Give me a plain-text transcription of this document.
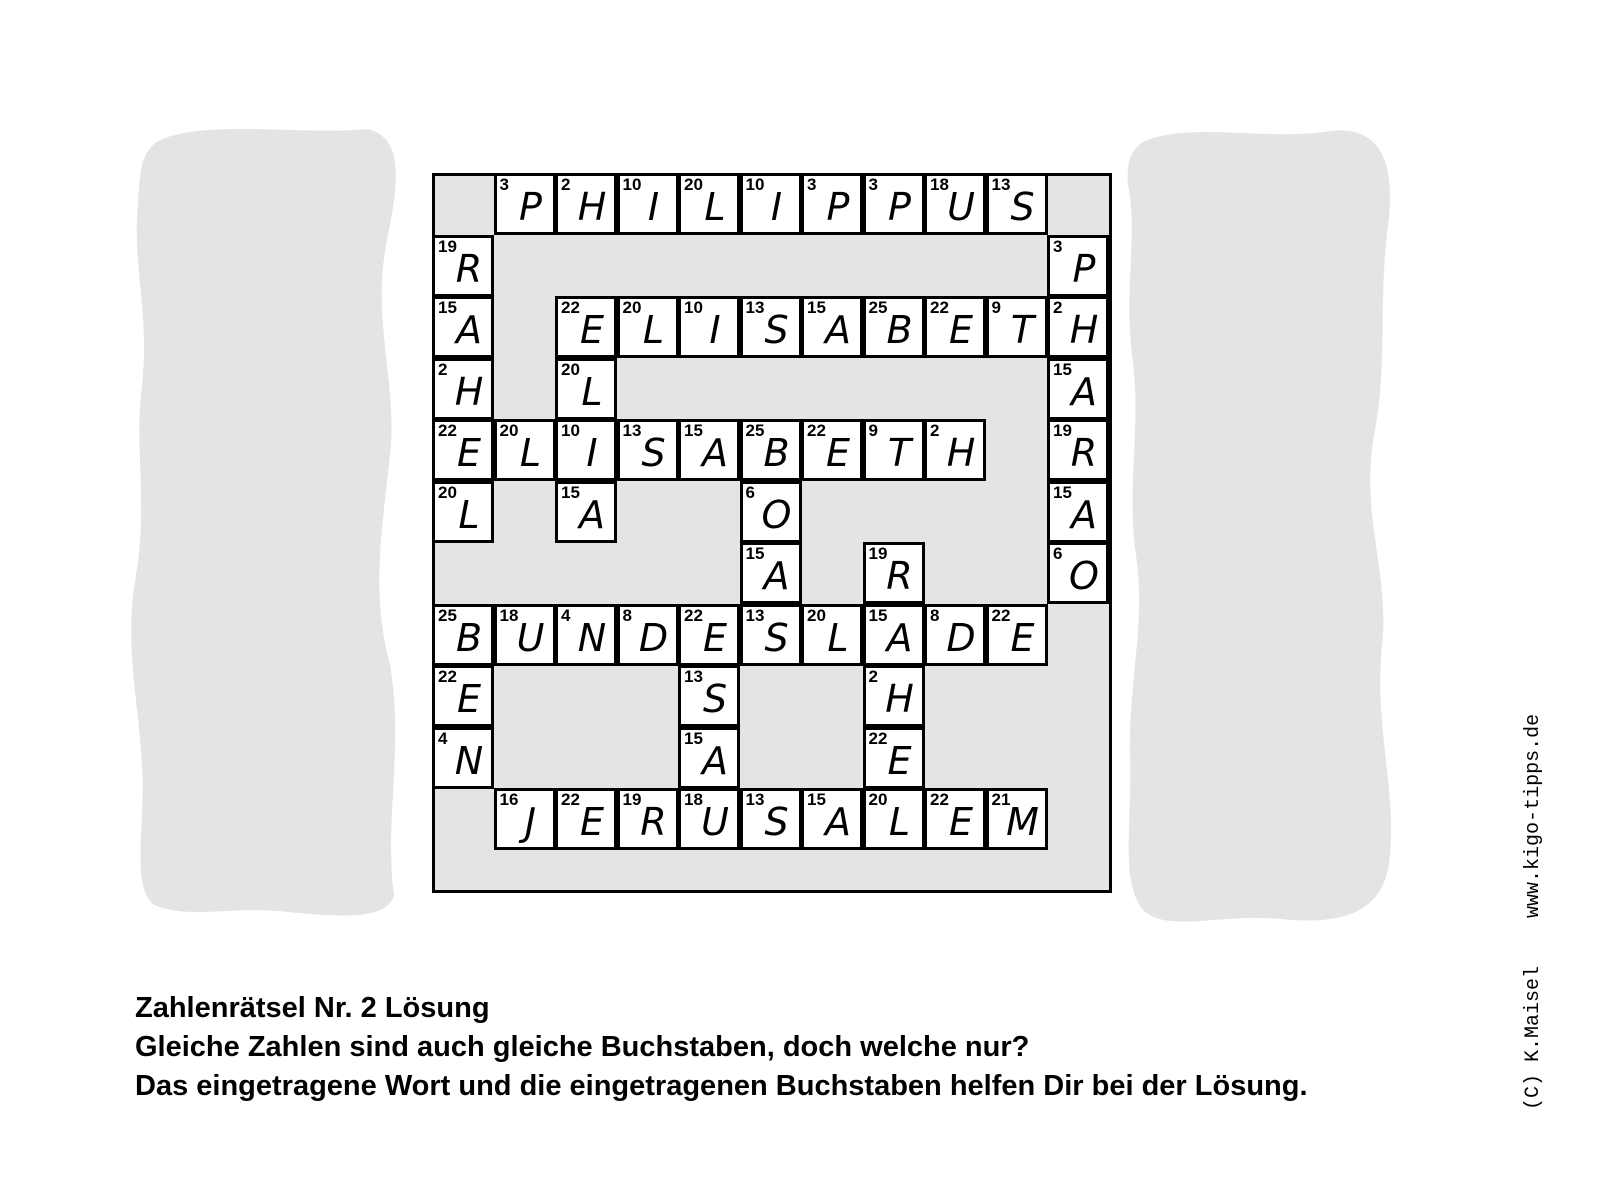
3
P
2
H
10
I
20
L
10
I
3
P
3
P
18
U
13
S
19
R
3
P
15
A
22
E
20
L
10
I
13
S
15
A
25
B
22
E
9
T
2
H
2
H
20
L
15
A
22
E
20
L
10
I
13
S
15
A
25
B
22
E
9
T
2
H
19
R
20
L
15
A
6
O
15
A
15
A
19
R
6
O
25
B
18
U
4
N
8
D
22
E
13
S
20
L
15
A
8
D
22
E
22
E
13
S
2
H
4
N
15
A
22
E
16
J
22
E
19
R
18
U
13
S
15
A
20
L
22
E
21
M
Zahlenrätsel Nr. 2 Lösung
Gleiche Zahlen sind auch gleiche Buchstaben, doch welche nur?
Das eingetragene Wort und die eingetragenen Buchstaben helfen Dir bei der Lösung.	(C) K.Maisel    www.kigo-tipps.de
